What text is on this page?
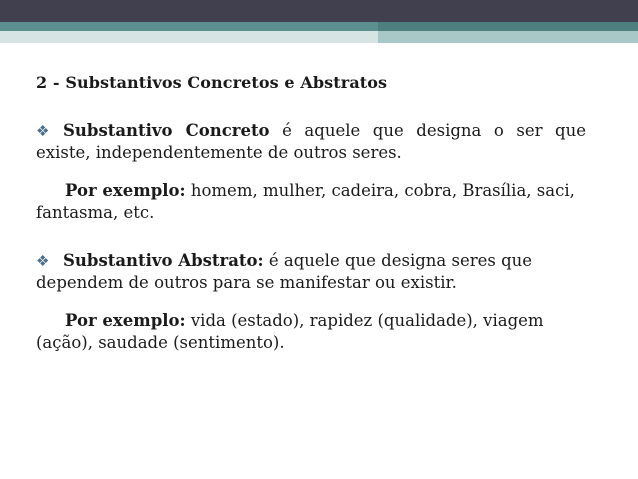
2 - Substantivos Concretos e Abstratos

❖ Substantivo Concreto é aquele que designa o ser que existe, independentemente de outros seres.

Por exemplo: homem, mulher, cadeira, cobra, Brasília, saci, fantasma, etc.

❖ Substantivo Abstrato: é aquele que designa seres que dependem de outros para se manifestar ou existir.

Por exemplo: vida (estado), rapidez (qualidade), viagem (ação), saudade (sentimento).
